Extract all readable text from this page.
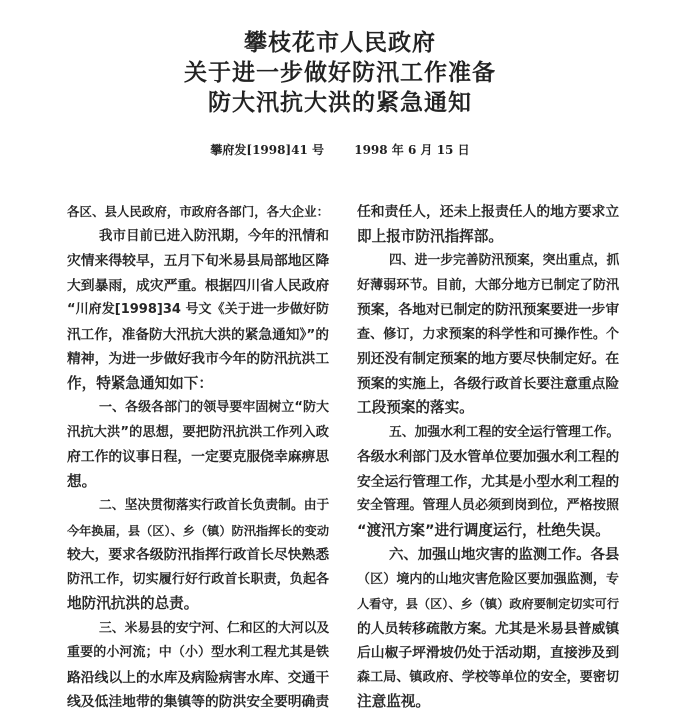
攀枝花市人民政府
关于进一步做好防汛工作准备
防大汛抗大洪的紧急通知
攀府发[1998]41 号	1998 年 6 月 15 日
各区、县人民政府，市政府各部门，各大企业：
我市目前已进入防汛期，今年的汛情和
灾情来得较早，五月下旬米易县局部地区降
大到暴雨，成灾严重。根据四川省人民政府
“川府发[1998]34 号文《关于进一步做好防
汛工作，准备防大汛抗大洪的紧急通知》”的
精神，为进一步做好我市今年的防汛抗洪工
作，特紧急通知如下：
一、各级各部门的领导要牢固树立“防大
汛抗大洪”的思想，要把防汛抗洪工作列入政
府工作的议事日程，一定要克服侥幸麻痹思
想。
二、坚决贯彻落实行政首长负责制。由于
今年换届，县（区）、乡（镇）防汛指挥长的变动
较大，要求各级防汛指挥行政首长尽快熟悉
防汛工作，切实履行好行政首长职责，负起各
地防汛抗洪的总责。
三、米易县的安宁河、仁和区的大河以及
重要的小河流；中（小）型水利工程尤其是铁
路沿线以上的水库及病险病害水库、交通干
线及低洼地带的集镇等的防洪安全要明确责
任和责任人，还未上报责任人的地方要求立
即上报市防汛指挥部。
四、进一步完善防汛预案，突出重点，抓
好薄弱环节。目前，大部分地方已制定了防汛
预案，各地对已制定的防汛预案要进一步审
查、修订，力求预案的科学性和可操作性。个
别还没有制定预案的地方要尽快制定好。在
预案的实施上，各级行政首长要注意重点险
工段预案的落实。
五、加强水利工程的安全运行管理工作。
各级水利部门及水管单位要加强水利工程的
安全运行管理工作，尤其是小型水利工程的
安全管理。管理人员必须到岗到位，严格按照
“渡汛方案”进行调度运行，杜绝失误。
六、加强山地灾害的监测工作。各县
（区）境内的山地灾害危险区要加强监测，专
人看守，县（区）、乡（镇）政府要制定切实可行
的人员转移疏散方案。尤其是米易县普威镇
后山椒子坪滑坡仍处于活动期，直接涉及到
森工局、镇政府、学校等单位的安全，要密切
注意监视。
